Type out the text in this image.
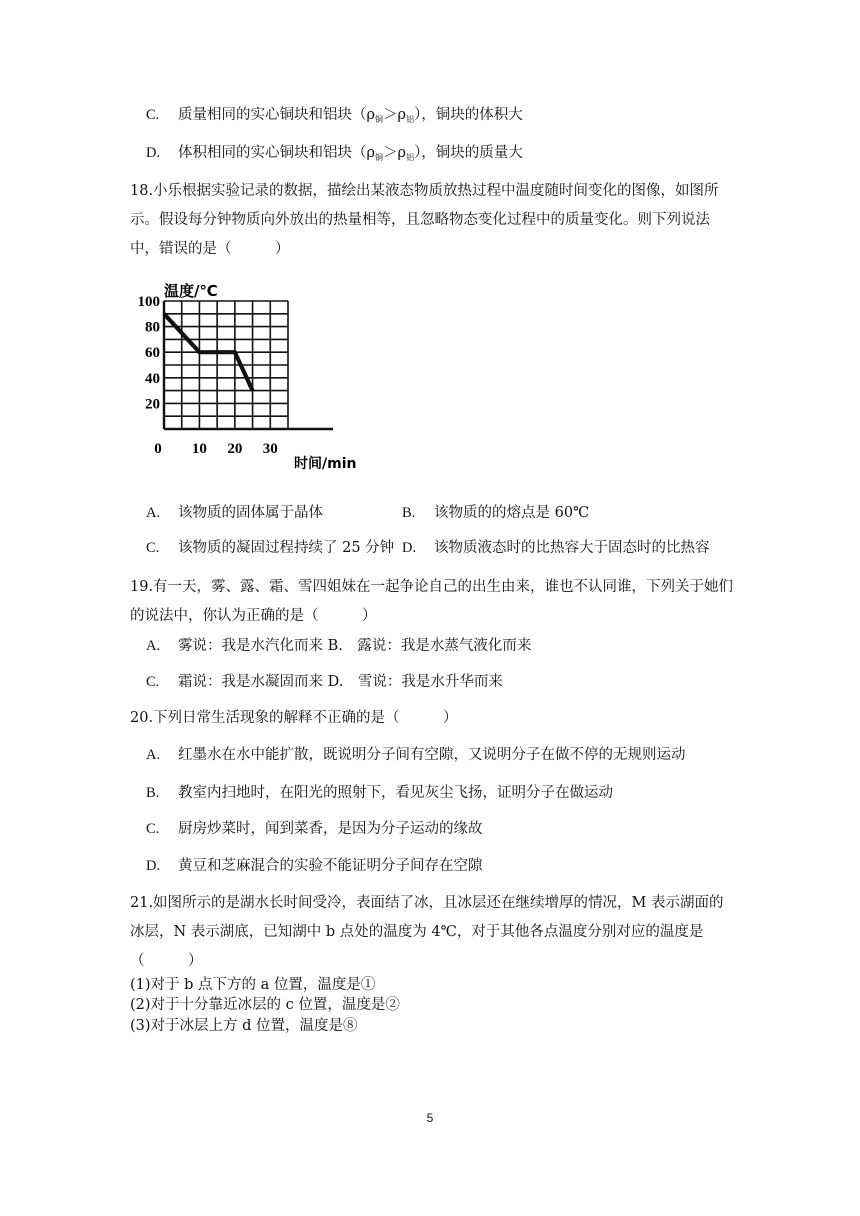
C. 质量相同的实心铜块和铝块$(\rho_铜>\rho_铝)$，铜块的体积大
D. 体积相同的实心铜块和铝块$(\rho_铜>\rho_铝)$，铜块的质量大
18.小乐根据实验记录的数据，描绘出某液态物质放热过程中温度随时间变化的图像，如图所示。假设每分钟物质向外放出的热量相等，且忽略物态变化过程中的质量变化。则下列说法中，错误的是（　　　）
20
40
60
80
100
0 10 20 30
温度/℃
时间/min
A. 该物质的固体属于晶体	B. 该物质的的熔点是 60℃
C. 该物质的凝固过程持续了 25 分钟 D. 该物质液态时的比热容大于固态时的比热容
19.有一天，雾、露、霜、雪四姐妹在一起争论自己的出生由来，谁也不认同谁，下列关于她们的说法中，你认为正确的是（　　　）
A. 雾说：我是水汽化而来 B.　露说：我是水蒸气液化而来
C. 霜说：我是水凝固而来 D.　雪说：我是水升华而来
20.下列日常生活现象的解释不正确的是（　　　）
A. 红墨水在水中能扩散，既说明分子间有空隙，又说明分子在做不停的无规则运动
B. 教室内扫地时，在阳光的照射下，看见灰尘飞扬，证明分子在做运动
C. 厨房炒菜时，闻到菜香，是因为分子运动的缘故
D. 黄豆和芝麻混合的实验不能证明分子间存在空隙
21.如图所示的是湖水长时间受冷，表面结了冰，且冰层还在继续增厚的情况，M 表示湖面的冰层，N 表示湖底，已知湖中 b 点处的温度为 4℃，对于其他各点温度分别对应的温度是（　　　）
(1)对于 b 点下方的 a 位置，温度是①
(2)对于十分靠近冰层的 c 位置，温度是②
(3)对于冰层上方 d 位置，温度是⑧
5
